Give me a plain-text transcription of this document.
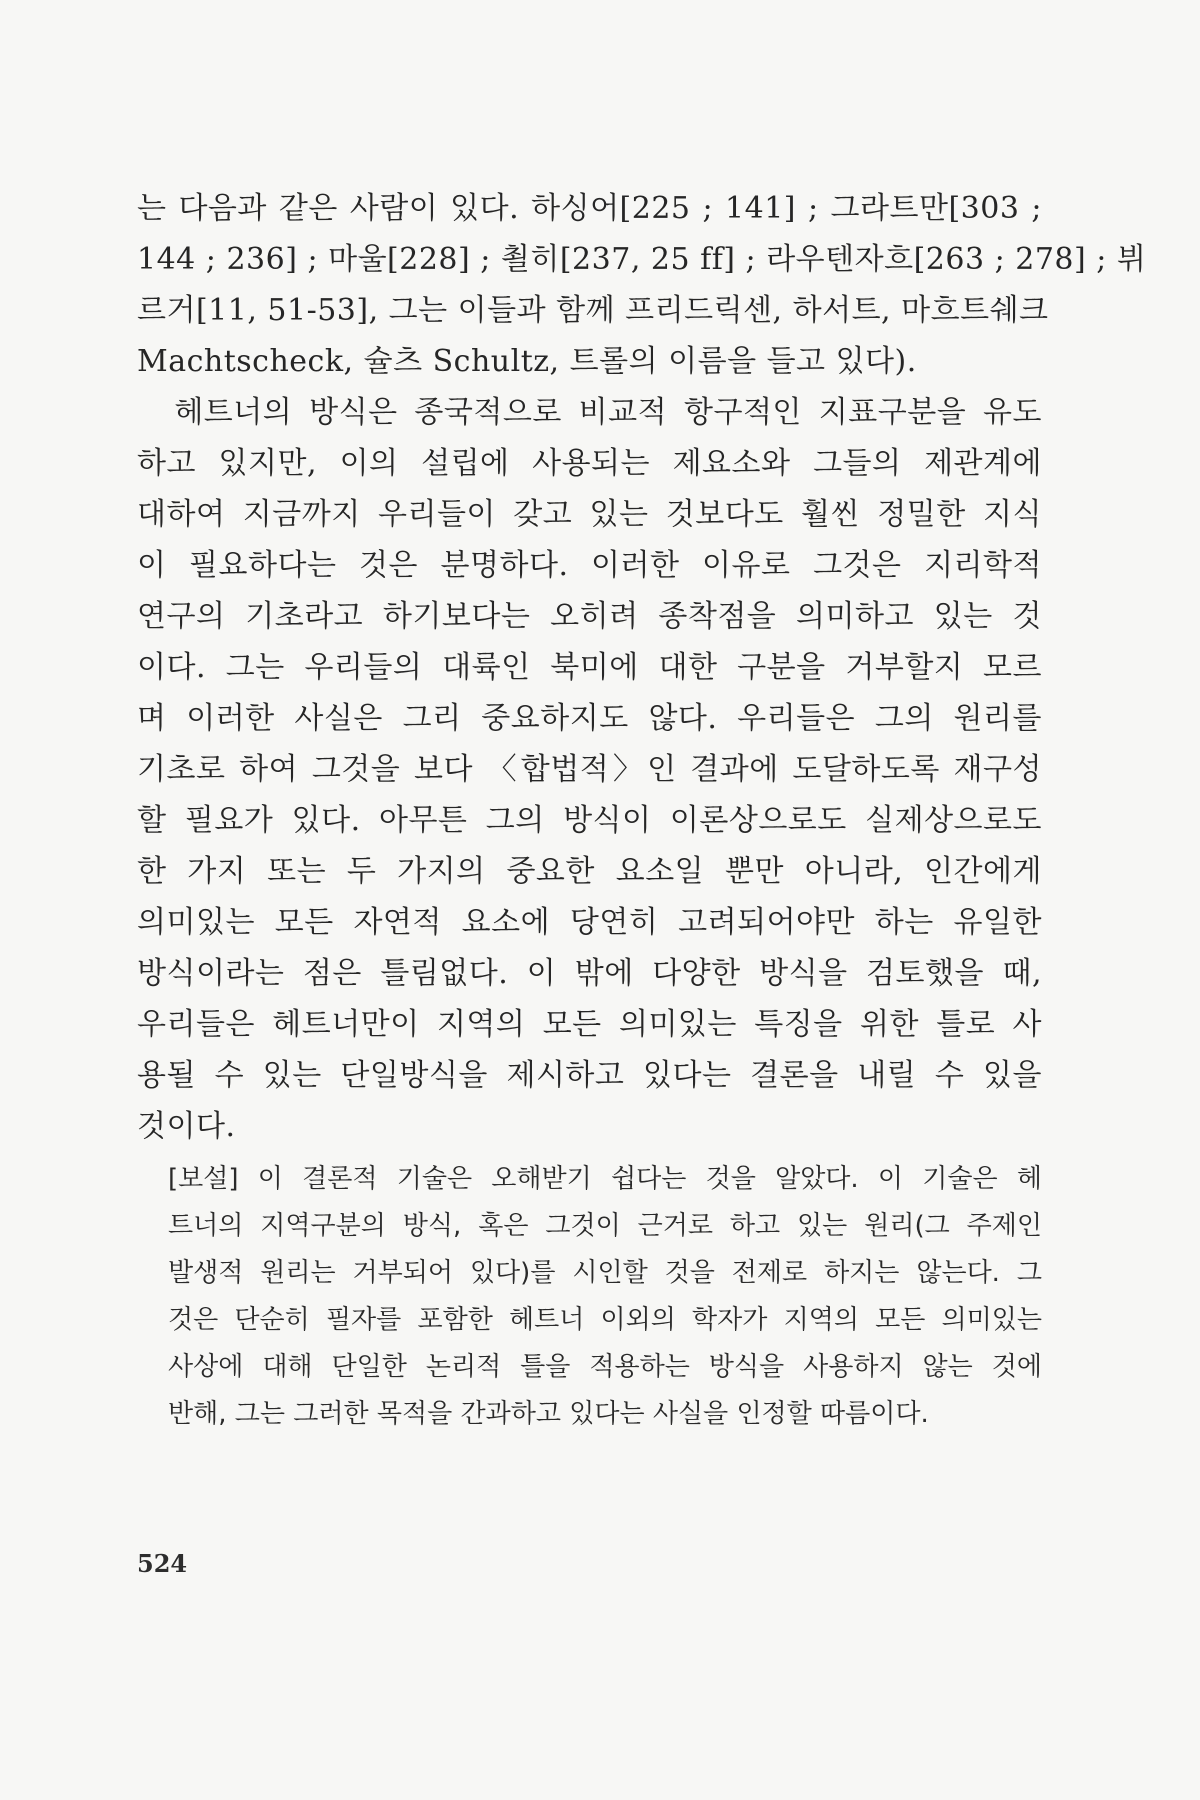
는 다음과 같은 사람이 있다. 하싱어[225 ; 141] ; 그라트만[303 ;
144 ; 236] ; 마울[228] ; 쵤히[237, 25 ff] ; 라우텐자흐[263 ; 278] ; 뷔
르거[11, 51-53], 그는 이들과 함께 프리드릭센, 하서트, 마흐트쉐크
Machtscheck, 슐츠 Schultz, 트롤의 이름을 들고 있다).
　헤트너의 방식은 종국적으로 비교적 항구적인 지표구분을 유도
하고 있지만, 이의 설립에 사용되는 제요소와 그들의 제관계에
대하여 지금까지 우리들이 갖고 있는 것보다도 훨씬 정밀한 지식
이 필요하다는 것은 분명하다. 이러한 이유로 그것은 지리학적
연구의 기초라고 하기보다는 오히려 종착점을 의미하고 있는 것
이다. 그는 우리들의 대륙인 북미에 대한 구분을 거부할지 모르
며 이러한 사실은 그리 중요하지도 않다. 우리들은 그의 원리를
기초로 하여 그것을 보다 〈합법적〉인 결과에 도달하도록 재구성
할 필요가 있다. 아무튼 그의 방식이 이론상으로도 실제상으로도
한 가지 또는 두 가지의 중요한 요소일 뿐만 아니라, 인간에게
의미있는 모든 자연적 요소에 당연히 고려되어야만 하는 유일한
방식이라는 점은 틀림없다. 이 밖에 다양한 방식을 검토했을 때,
우리들은 헤트너만이 지역의 모든 의미있는 특징을 위한 틀로 사
용될 수 있는 단일방식을 제시하고 있다는 결론을 내릴 수 있을
것이다.
[보설] 이 결론적 기술은 오해받기 쉽다는 것을 알았다. 이 기술은 헤
트너의 지역구분의 방식, 혹은 그것이 근거로 하고 있는 원리(그 주제인
발생적 원리는 거부되어 있다)를 시인할 것을 전제로 하지는 않는다. 그
것은 단순히 필자를 포함한 헤트너 이외의 학자가 지역의 모든 의미있는
사상에 대해 단일한 논리적 틀을 적용하는 방식을 사용하지 않는 것에
반해, 그는 그러한 목적을 간과하고 있다는 사실을 인정할 따름이다.
524
